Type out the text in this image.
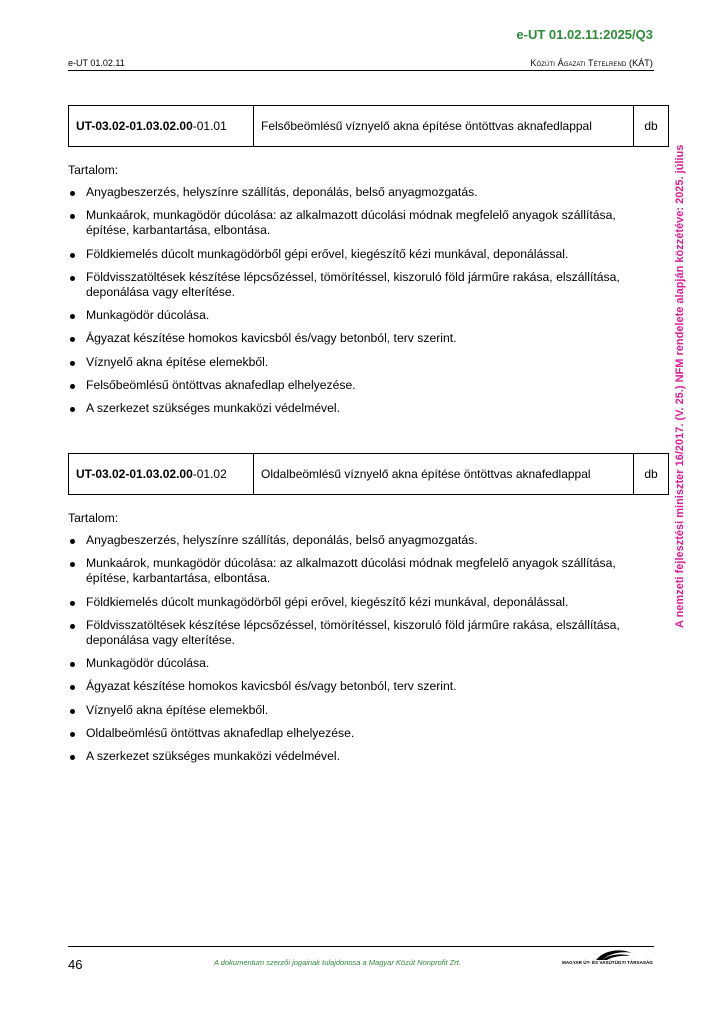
e-UT 01.02.11:2025/Q3
e-UT 01.02.11	Közúti Ágazati Tételrend (KÁT)
A nemzeti fejlesztési miniszter 16/2017. (V. 25.) NFM rendelete alapján közzétéve: 2025. július
UT-03.02-01.03.02.00-01.01	Felsőbeömlésű víznyelő akna építése öntöttvas aknafedlappal	db

Tartalom:

Anyagbeszerzés, helyszínre szállítás, deponálás, belső anyagmozgatás.
Munkaárok, munkagödör dúcolása: az alkalmazott dúcolási módnak megfelelő anyagok szállítása, építése, karbantartása, elbontása.
Földkiemelés dúcolt munkagödörből gépi erővel, kiegészítő kézi munkával, deponálással.
Földvisszatöltések készítése lépcsőzéssel, tömörítéssel, kiszoruló föld járműre rakása, elszállítása, deponálása vagy elterítése.
Munkagödör dúcolása.
Ágyazat készítése homokos kavicsból és/vagy betonból, terv szerint.
Víznyelő akna építése elemekből.
Felsőbeömlésű öntöttvas aknafedlap elhelyezése.
A szerkezet szükséges munkaközi védelmével.
UT-03.02-01.03.02.00-01.02	Oldalbeömlésű víznyelő akna építése öntöttvas aknafedlappal	db

Tartalom:

Anyagbeszerzés, helyszínre szállítás, deponálás, belső anyagmozgatás.
Munkaárok, munkagödör dúcolása: az alkalmazott dúcolási módnak megfelelő anyagok szállítása, építése, karbantartása, elbontása.
Földkiemelés dúcolt munkagödörből gépi erővel, kiegészítő kézi munkával, deponálással.
Földvisszatöltések készítése lépcsőzéssel, tömörítéssel, kiszoruló föld járműre rakása, elszállítása, deponálása vagy elterítése.
Munkagödör dúcolása.
Ágyazat készítése homokos kavicsból és/vagy betonból, terv szerint.
Víznyelő akna építése elemekből.
Oldalbeömlésű öntöttvas aknafedlap elhelyezése.
A szerkezet szükséges munkaközi védelmével.
46	A dokumentum szerzői jogainak tulajdonosa a Magyar Közút Nonprofit Zrt.	MAGYAR ÚT- ÉS VASÚTÜGYI TÁRSASÁG
